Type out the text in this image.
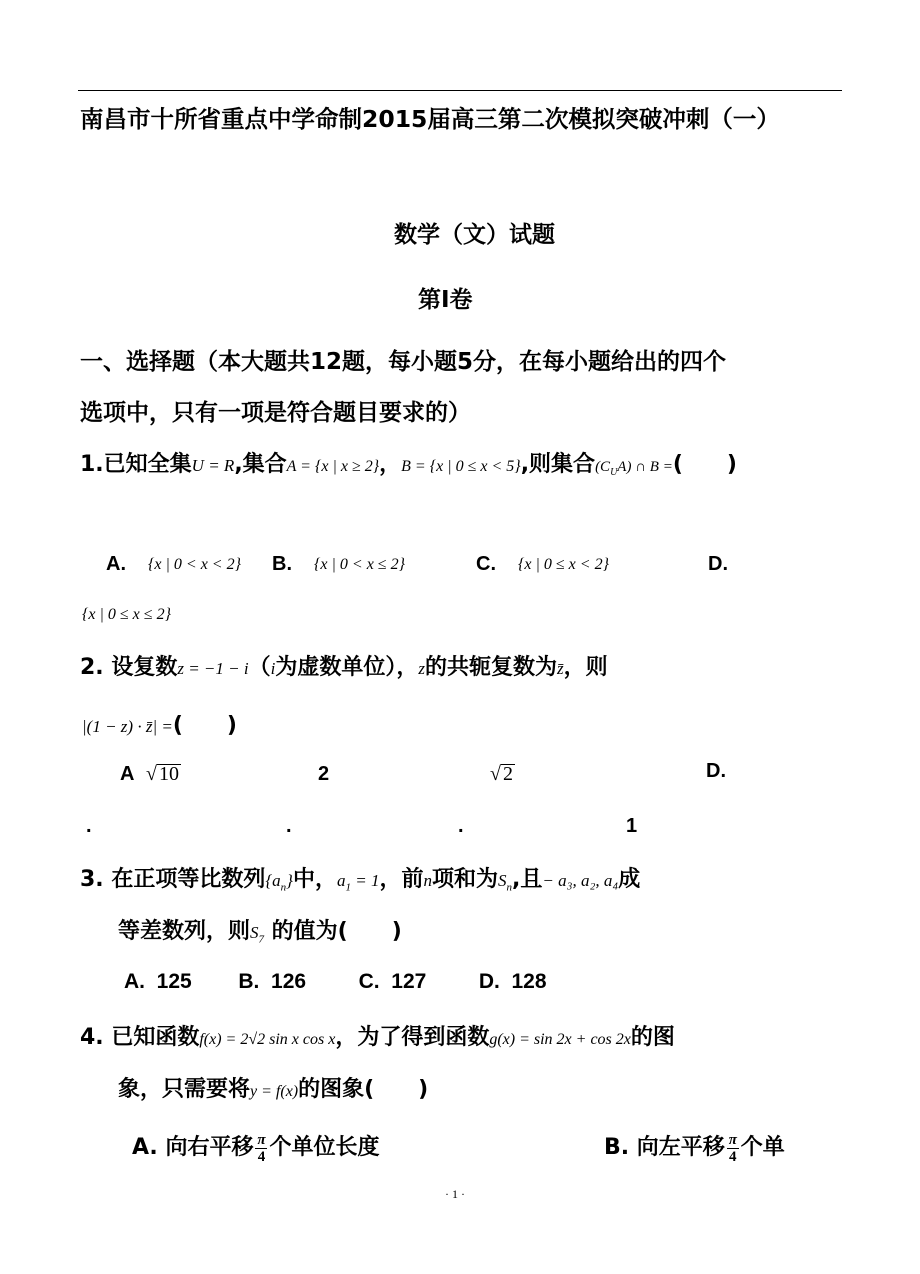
南昌市十所省重点中学命制2015届高三第二次模拟突破冲刺（一）
数学（文）试题
第Ⅰ卷
一、选择题（本大题共12题，每小题5分，在每小题给出的四个
选项中，只有一项是符合题目要求的）
1.已知全集U = R,集合A = {x | x ≥ 2}，B = {x | 0 ≤ x < 5},则集合$(C_UA)$ ∩ B =(　　)
A. {x | 0 < x < 2} B. {x | 0 < x ≤ 2}	C. {x | 0 ≤ x < 2}	D.
{x | 0 ≤ x ≤ 2}
2. 设复数z = −1 − i（i为虚数单位），z的共轭复数为z̄，则
|(1 − z) · z̄| =(　　)
A √ 10	2	√ 2	D.
.	.	.	1
3. 在正项等比数列$\{a_n\}$中，$a_1 = 1$，前n项和为$S_n$,且− a₃, a₂, a₄成
等差数列，则$S_7$ 的值为(　　)
A.  125        B.  126         C.  127         D.  128
4. 已知函数f(x) = 2√2 sin x cos x，为了得到函数g(x) = sin 2x + cos 2x的图
象，只需要将y = f(x)的图象(　　)
A. 向右平移 $\frac{\pi}{4}$ 个单位长度	B. 向左平移 $\frac{\pi}{4}$ 个单
· 1 ·
